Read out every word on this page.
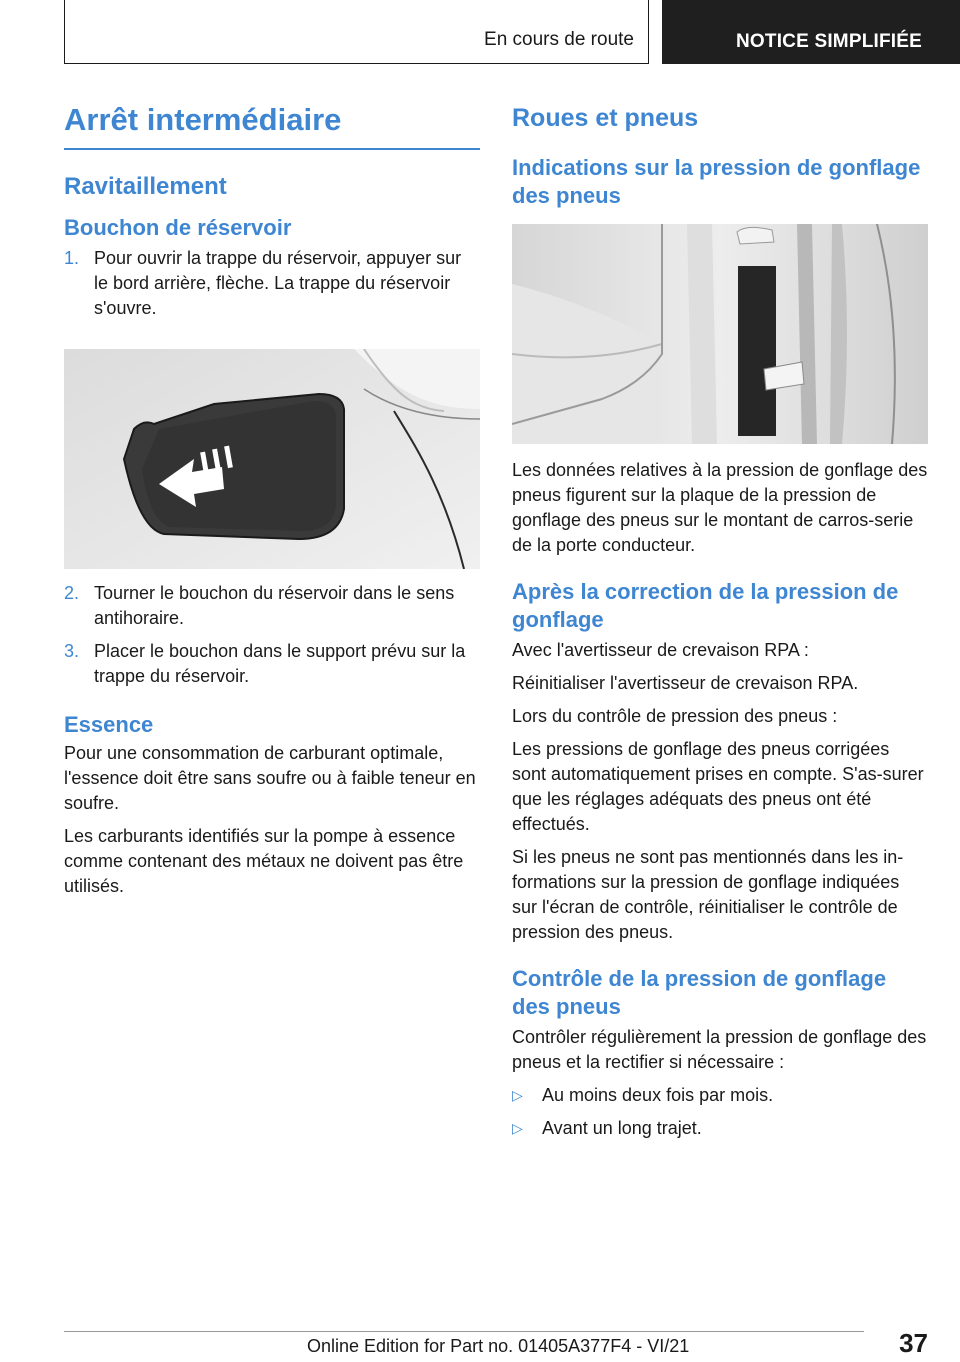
En cours de route	NOTICE SIMPLIFIÉE
Arrêt intermédiaire
Ravitaillement
Bouchon de réservoir
1. Pour ouvrir la trappe du réservoir, appuyer sur le bord arrière, flèche. La trappe du réservoir s'ouvre.
2. Tourner le bouchon du réservoir dans le sens antihoraire.
3. Placer le bouchon dans le support prévu sur la trappe du réservoir.
Essence

Pour une consommation de carburant optimale, l'essence doit être sans soufre ou à faible teneur en soufre.

Les carburants identifiés sur la pompe à essence comme contenant des métaux ne doivent pas être utilisés.

Roues et pneus
Indications sur la pression de gonflage des pneus

Les données relatives à la pression de gonflage des pneus figurent sur la plaque de la pression de gonflage des pneus sur le montant de carros‐serie de la porte conducteur.

Après la correction de la pression de gonflage

Avec l'avertisseur de crevaison RPA :

Réinitialiser l'avertisseur de crevaison RPA.

Lors du contrôle de pression des pneus :

Les pressions de gonflage des pneus corrigées sont automatiquement prises en compte. S'as‐surer que les réglages adéquats des pneus ont été effectués.

Si les pneus ne sont pas mentionnés dans les in‐formations sur la pression de gonflage indiquées sur l'écran de contrôle, réinitialiser le contrôle de pression des pneus.

Contrôle de la pression de gonflage des pneus

Contrôler régulièrement la pression de gonflage des pneus et la rectifier si nécessaire :

▷ Au moins deux fois par mois.
▷ Avant un long trajet.
37
Online Edition for Part no. 01405A377F4 - VI/21
